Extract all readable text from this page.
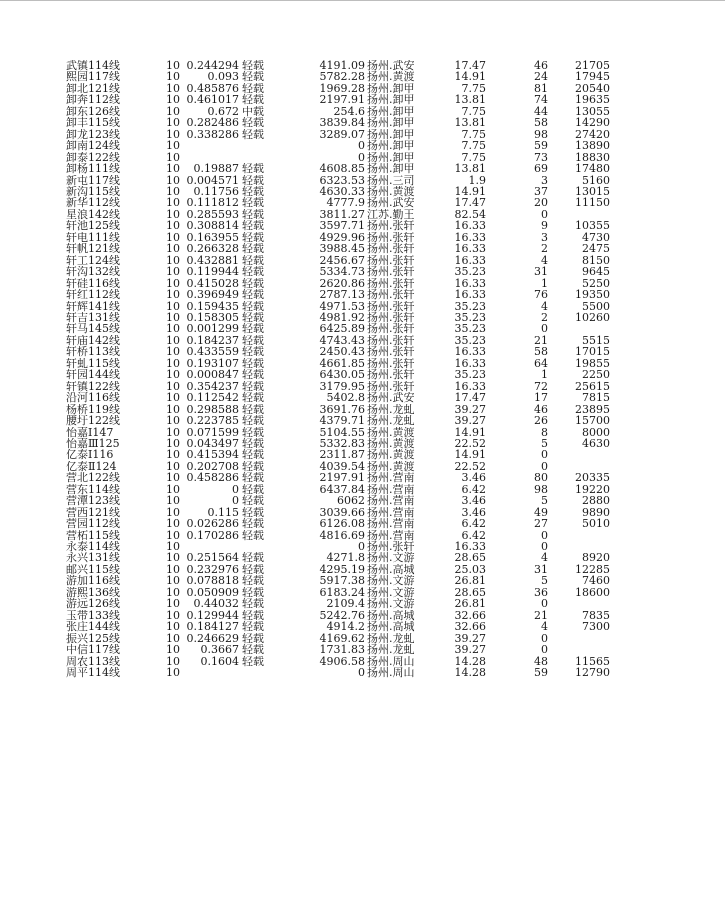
武镇114线	10	0.244294	轻载	4191.09	扬州.武安	17.47	46	21705
熙园117线	10	0.093	轻载	5782.28	扬州.黄渡	14.91	24	17945
卸北121线	10	0.485876	轻载	1969.28	扬州.卸甲	7.75	81	20540
卸奔112线	10	0.461017	轻载	2197.91	扬州.卸甲	13.81	74	19635
卸东126线	10	0.672	中载	254.6	扬州.卸甲	7.75	44	13055
卸丰115线	10	0.282486	轻载	3839.84	扬州.卸甲	13.81	58	14290
卸龙123线	10	0.338286	轻载	3289.07	扬州.卸甲	7.75	98	27420
卸南124线	10			0	扬州.卸甲	7.75	59	13890
卸泰122线	10			0	扬州.卸甲	7.75	73	18830
卸杨111线	10	0.19887	轻载	4608.85	扬州.卸甲	13.81	69	17480
新屯117线	10	0.004571	轻载	6323.53	扬州.三司	1.9	3	5160
新沟115线	10	0.11756	轻载	4630.33	扬州.黄渡	14.91	37	13015
新华112线	10	0.111812	轻载	4777.9	扬州.武安	17.47	20	11150
星浪142线	10	0.285593	轻载	3811.27	江苏.勤王	82.54	0	
轩池125线	10	0.308814	轻载	3597.71	扬州.张轩	16.33	9	10355
轩电111线	10	0.163955	轻载	4929.96	扬州.张轩	16.33	3	4730
轩帆121线	10	0.266328	轻载	3988.45	扬州.张轩	16.33	2	2475
轩工124线	10	0.432881	轻载	2456.67	扬州.张轩	16.33	4	8150
轩沟132线	10	0.119944	轻载	5334.73	扬州.张轩	35.23	31	9645
轩硅116线	10	0.415028	轻载	2620.86	扬州.张轩	16.33	1	5250
轩红112线	10	0.396949	轻载	2787.13	扬州.张轩	16.33	76	19350
轩辉141线	10	0.159435	轻载	4971.53	扬州.张轩	35.23	4	5500
轩吉131线	10	0.158305	轻载	4981.92	扬州.张轩	35.23	2	10260
轩马145线	10	0.001299	轻载	6425.89	扬州.张轩	35.23	0	
轩庙142线	10	0.184237	轻载	4743.43	扬州.张轩	35.23	21	5515
轩桥113线	10	0.433559	轻载	2450.43	扬州.张轩	16.33	58	17015
轩虬115线	10	0.193107	轻载	4661.85	扬州.张轩	16.33	64	19855
轩园144线	10	0.000847	轻载	6430.05	扬州.张轩	35.23	1	2250
轩镇122线	10	0.354237	轻载	3179.95	扬州.张轩	16.33	72	25615
沿河116线	10	0.112542	轻载	5402.8	扬州.武安	17.47	17	7815
杨桥119线	10	0.298588	轻载	3691.76	扬州.龙虬	39.27	46	23895
腰圩122线	10	0.223785	轻载	4379.71	扬州.龙虬	39.27	26	15700
怡嘉Ⅰ147	10	0.071599	轻载	5104.55	扬州.黄渡	14.91	8	8000
怡嘉Ⅲ125	10	0.043497	轻载	5332.83	扬州.黄渡	22.52	5	4630
亿泰Ⅰ116	10	0.415394	轻载	2311.87	扬州.黄渡	14.91	0	
亿泰Ⅱ124	10	0.202708	轻载	4039.54	扬州.黄渡	22.52	0	
营北122线	10	0.458286	轻载	2197.91	扬州.营南	3.46	80	20335
营东114线	10	0	轻载	6437.84	扬州.营南	6.42	98	19220
营潭123线	10	0	轻载	6062	扬州.营南	3.46	5	2880
营西121线	10	0.115	轻载	3039.66	扬州.营南	3.46	49	9890
营园112线	10	0.026286	轻载	6126.08	扬州.营南	6.42	27	5010
营柘115线	10	0.170286	轻载	4816.69	扬州.营南	6.42	0	
永泰114线	10			0	扬州.张轩	16.33	0	
永兴131线	10	0.251564	轻载	4271.8	扬州.文游	28.65	4	8920
邮兴115线	10	0.232976	轻载	4295.19	扬州.高城	25.03	31	12285
游加116线	10	0.078818	轻载	5917.38	扬州.文游	26.81	5	7460
游熙136线	10	0.050909	轻载	6183.24	扬州.文游	28.65	36	18600
游远126线	10	0.44032	轻载	2109.4	扬州.文游	26.81	0	
玉带133线	10	0.129944	轻载	5242.76	扬州.高城	32.66	21	7835
张庄144线	10	0.184127	轻载	4914.2	扬州.高城	32.66	4	7300
振兴125线	10	0.246629	轻载	4169.62	扬州.龙虬	39.27	0	
中信117线	10	0.3667	轻载	1731.83	扬州.龙虬	39.27	0	
周农113线	10	0.1604	轻载	4906.58	扬州.周山	14.28	48	11565
周平114线	10			0	扬州.周山	14.28	59	12790
